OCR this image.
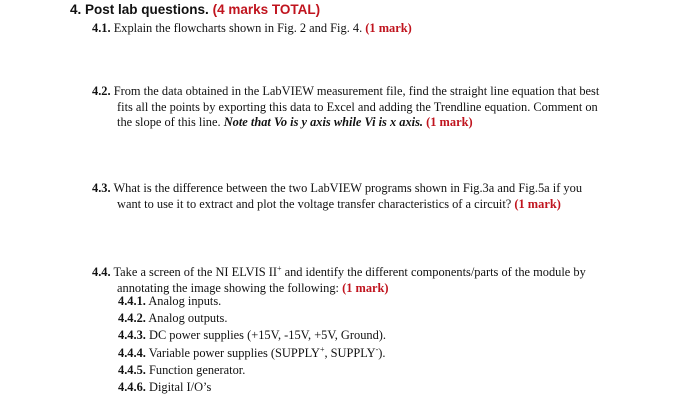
4. Post lab questions. (4 marks TOTAL)
4.1. Explain the flowcharts shown in Fig. 2 and Fig. 4. (1 mark)
4.2. From the data obtained in the LabVIEW measurement file, find the straight line equation that best
fits all the points by exporting this data to Excel and adding the Trendline equation. Comment on
the slope of this line. Note that Vo is y axis while Vi is x axis. (1 mark)
4.3. What is the difference between the two LabVIEW programs shown in Fig.3a and Fig.5a if you
want to use it to extract and plot the voltage transfer characteristics of a circuit? (1 mark)
4.4. Take a screen of the NI ELVIS II+ and identify the different components/parts of the module by
annotating the image showing the following: (1 mark)
4.4.1. Analog inputs.
4.4.2. Analog outputs.
4.4.3. DC power supplies (+15V, -15V, +5V, Ground).
4.4.4. Variable power supplies (SUPPLY+, SUPPLY-).
4.4.5. Function generator.
4.4.6. Digital I/O’s
